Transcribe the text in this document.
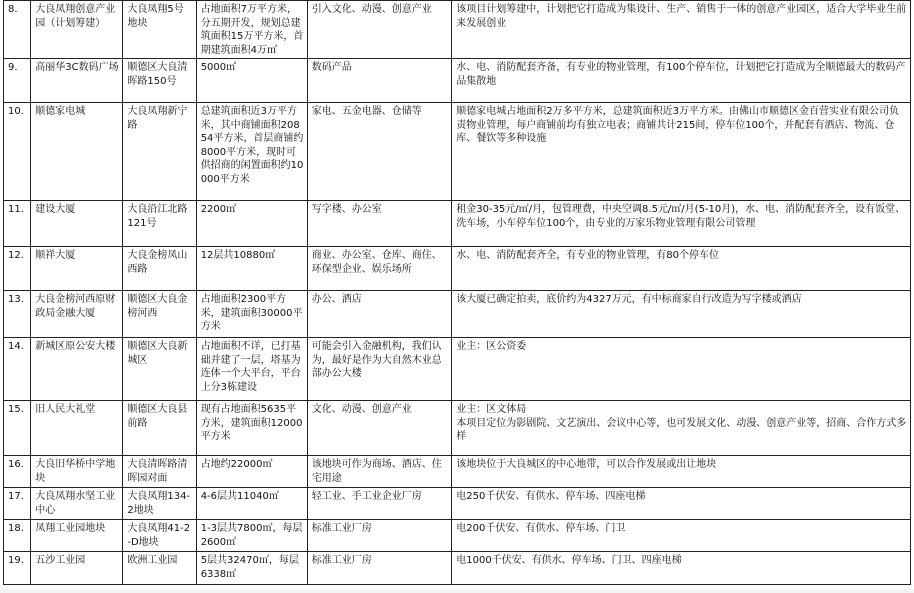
8.	大良凤翔创意产业园（计划筹建）	大良凤翔5号地块	占地面积7万平方米，分五期开发，规划总建筑面积15万平方米，首期建筑面积4万㎡	引入文化、动漫、创意产业	该项目计划筹建中，计划把它打造成为集设计、生产、销售于一体的创意产业园区，适合大学毕业生前来发展创业

9.	高丽华3C数码广场	顺德区大良清晖路150号	5000㎡	数码产品	水、电、消防配套齐备，有专业的物业管理，有100个停车位，计划把它打造成为全顺德最大的数码产品集散地

10.	顺德家电城	大良凤翔新宁路	总建筑面积近3万平方米，其中商铺面积20854平方米，首层商铺约8000平方米，现时可供招商的闲置面积约10000平方米	家电、五金电器、仓储等	顺德家电城占地面积2万多平方米，总建筑面积近3万平方米。由佛山市顺德区金百营实业有限公司负责物业管理，每户商铺前均有独立电表；商铺共计215间，停车位100个，并配套有酒店、物流、仓库、餐饮等多种设施

11.	建设大厦	大良沿江北路121号	2200㎡	写字楼、办公室	租金30-35元/㎡/月，包管理费，中央空调8.5元/㎡/月(5-10月)，水、电、消防配套齐全，设有饭堂、洗车场，小车停车位100个，由专业的万家乐物业管理有限公司管理

12.	顺祥大厦	大良金榜凤山西路	12层共10880㎡	商业、办公室、仓库、商住、环保型企业、娱乐场所	水、电、消防配套齐全，有专业的物业管理，有80个停车位

13.	大良金榜河西原财政局金融大厦	顺德区大良金榜河西	占地面积2300平方米，建筑面积30000平方米	办公、酒店	该大厦已确定拍卖，底价约为4327万元，有中标商家自行改造为写字楼或酒店

14.	新城区原公安大楼	顺德区大良新城区	占地面积不详，已打基础并建了一层，塔基为连体一个大平台，平台上分3栋建设	可能会引入金融机构，我们认为，最好是作为大自然木业总部办公大楼	业主：区公资委

15.	旧人民大礼堂	顺德区大良县前路	现有占地面积5635平方米，建筑面积12000平方米	文化、动漫、创意产业	业主：区文体局
本项目定位为影剧院、文艺演出、会议中心等，也可发展文化、动漫、创意产业等，招商、合作方式多样

16.	大良旧华桥中学地块	大良清晖路清晖园对面	占地约22000㎡	该地块可作为商场、酒店、住宅用途	该地块位于大良城区的中心地带，可以合作发展或出让地块

17.	大良凤翔水坚工业中心	大良凤翔134-2地块	4-6层共11040㎡	轻工业、手工业企业厂房	电250千伏安、有供水、停车场、四座电梯

18.	凤翔工业园地块	大良凤翔41-2-D地块	1-3层共7800㎡，每层2600㎡	标准工业厂房	电200千伏安、有供水、停车场、门卫

19.	五沙工业园	欧洲工业园	5层共32470㎡，每层6338㎡	标准工业厂房	电1000千伏安、有供水、停车场、门卫、四座电梯
